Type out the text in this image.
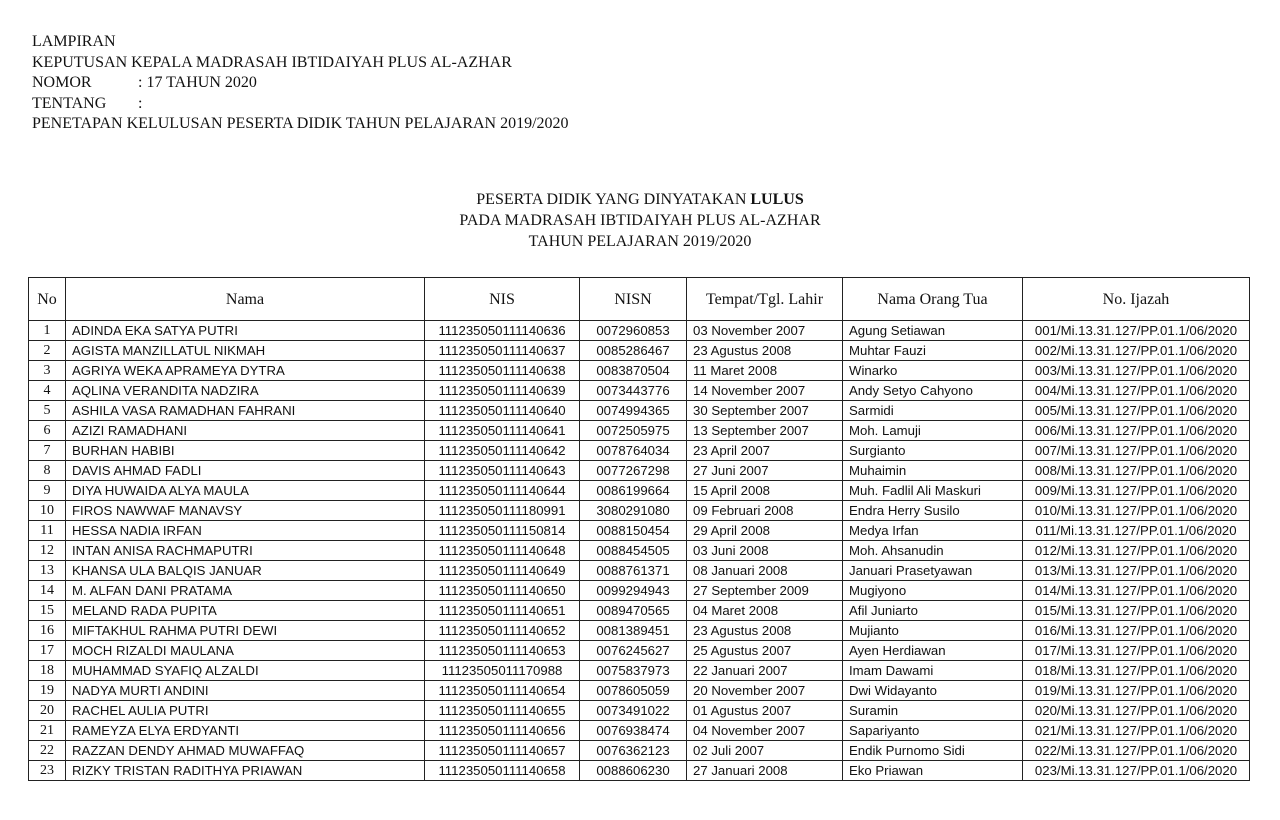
LAMPIRAN
KEPUTUSAN KEPALA MADRASAH IBTIDAIYAH PLUS AL-AZHAR
NOMOR	: 17 TAHUN 2020
TENTANG :
PENETAPAN KELULUSAN PESERTA DIDIK TAHUN PELAJARAN 2019/2020
PESERTA DIDIK YANG DINYATAKAN LULUS
PADA MADRASAH IBTIDAIYAH PLUS AL-AZHAR
TAHUN PELAJARAN 2019/2020
No	Nama	NIS	NISN	Tempat/Tgl. Lahir	Nama Orang Tua	No. Ijazah
1	ADINDA EKA SATYA PUTRI	111235050111140636	0072960853	03 November 2007	Agung Setiawan	001/Mi.13.31.127/PP.01.1/06/2020
2	AGISTA MANZILLATUL NIKMAH	111235050111140637	0085286467	23 Agustus 2008	Muhtar Fauzi	002/Mi.13.31.127/PP.01.1/06/2020
3	AGRIYA WEKA APRAMEYA DYTRA	111235050111140638	0083870504	11 Maret 2008	Winarko	003/Mi.13.31.127/PP.01.1/06/2020
4	AQLINA VERANDITA NADZIRA	111235050111140639	0073443776	14 November 2007	Andy Setyo Cahyono	004/Mi.13.31.127/PP.01.1/06/2020
5	ASHILA VASA RAMADHAN FAHRANI	111235050111140640	0074994365	30 September 2007	Sarmidi	005/Mi.13.31.127/PP.01.1/06/2020
6	AZIZI RAMADHANI	111235050111140641	0072505975	13 September 2007	Moh. Lamuji	006/Mi.13.31.127/PP.01.1/06/2020
7	BURHAN HABIBI	111235050111140642	0078764034	23 April 2007	Surgianto	007/Mi.13.31.127/PP.01.1/06/2020
8	DAVIS AHMAD FADLI	111235050111140643	0077267298	27 Juni 2007	Muhaimin	008/Mi.13.31.127/PP.01.1/06/2020
9	DIYA HUWAIDA ALYA MAULA	111235050111140644	0086199664	15 April 2008	Muh. Fadlil Ali Maskuri	009/Mi.13.31.127/PP.01.1/06/2020
10	FIROS NAWWAF MANAVSY	111235050111180991	3080291080	09 Februari 2008	Endra Herry Susilo	010/Mi.13.31.127/PP.01.1/06/2020
11	HESSA NADIA IRFAN	111235050111150814	0088150454	29 April 2008	Medya Irfan	011/Mi.13.31.127/PP.01.1/06/2020
12	INTAN ANISA RACHMAPUTRI	111235050111140648	0088454505	03 Juni 2008	Moh. Ahsanudin	012/Mi.13.31.127/PP.01.1/06/2020
13	KHANSA ULA BALQIS JANUAR	111235050111140649	0088761371	08 Januari 2008	Januari Prasetyawan	013/Mi.13.31.127/PP.01.1/06/2020
14	M. ALFAN DANI PRATAMA	111235050111140650	0099294943	27 September 2009	Mugiyono	014/Mi.13.31.127/PP.01.1/06/2020
15	MELAND RADA PUPITA	111235050111140651	0089470565	04 Maret 2008	Afil Juniarto	015/Mi.13.31.127/PP.01.1/06/2020
16	MIFTAKHUL RAHMA PUTRI DEWI	111235050111140652	0081389451	23 Agustus 2008	Mujianto	016/Mi.13.31.127/PP.01.1/06/2020
17	MOCH RIZALDI MAULANA	111235050111140653	0076245627	25 Agustus 2007	Ayen Herdiawan	017/Mi.13.31.127/PP.01.1/06/2020
18	MUHAMMAD SYAFIQ ALZALDI	11123505011170988	0075837973	22 Januari 2007	Imam Dawami	018/Mi.13.31.127/PP.01.1/06/2020
19	NADYA MURTI ANDINI	111235050111140654	0078605059	20 November 2007	Dwi Widayanto	019/Mi.13.31.127/PP.01.1/06/2020
20	RACHEL AULIA PUTRI	111235050111140655	0073491022	01 Agustus 2007	Suramin	020/Mi.13.31.127/PP.01.1/06/2020
21	RAMEYZA ELYA ERDYANTI	111235050111140656	0076938474	04 November 2007	Sapariyanto	021/Mi.13.31.127/PP.01.1/06/2020
22	RAZZAN DENDY AHMAD MUWAFFAQ	111235050111140657	0076362123	02 Juli 2007	Endik Purnomo Sidi	022/Mi.13.31.127/PP.01.1/06/2020
23	RIZKY TRISTAN RADITHYA PRIAWAN	111235050111140658	0088606230	27 Januari 2008	Eko Priawan	023/Mi.13.31.127/PP.01.1/06/2020
